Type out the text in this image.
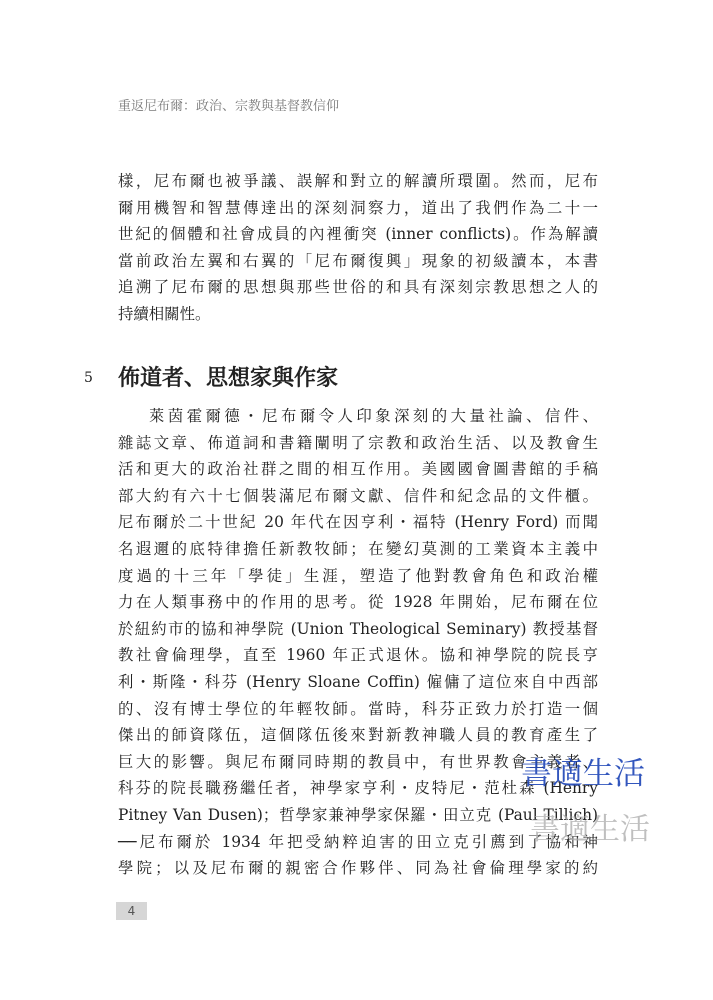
重返尼布爾：政治、宗教與基督教信仰
樣，尼布爾也被爭議、誤解和對立的解讀所環圍。然而，尼布
爾用機智和智慧傳達出的深刻洞察力，道出了我們作為二十一
世紀的個體和社會成員的內裡衝突 (inner conflicts)。作為解讀
當前政治左翼和右翼的「尼布爾復興」現象的初級讀本，本書
追溯了尼布爾的思想與那些世俗的和具有深刻宗教思想之人的
持續相關性。
5 佈道者、思想家與作家
萊茵霍爾德・尼布爾令人印象深刻的大量社論、信件、
雜誌文章、佈道詞和書籍闡明了宗教和政治生活、以及教會生
活和更大的政治社群之間的相互作用。美國國會圖書館的手稿
部大約有六十七個裝滿尼布爾文獻、信件和紀念品的文件櫃。
尼布爾於二十世紀 20 年代在因亨利・福特 (Henry Ford) 而聞
名遐邇的底特律擔任新教牧師；在變幻莫測的工業資本主義中
度過的十三年「學徒」生涯，塑造了他對教會角色和政治權
力在人類事務中的作用的思考。從 1928 年開始，尼布爾在位
於紐約市的協和神學院 (Union Theological Seminary) 教授基督
教社會倫理學，直至 1960 年正式退休。協和神學院的院長亨
利・斯隆・科芬 (Henry Sloane Coffin) 僱傭了這位來自中西部
的、沒有博士學位的年輕牧師。當時，科芬正致力於打造一個
傑出的師資隊伍，這個隊伍後來對新教神職人員的教育產生了
巨大的影響。與尼布爾同時期的教員中，有世界教會主義者、
科芬的院長職務繼任者，神學家亨利・皮特尼・范杜森 (Henry
Pitney Van Dusen)；哲學家兼神學家保羅・田立克 (Paul Tillich)
──尼布爾於 1934 年把受納粹迫害的田立克引薦到了協和神
學院；以及尼布爾的親密合作夥伴、同為社會倫理學家的約
書適生活
書適生活
4
